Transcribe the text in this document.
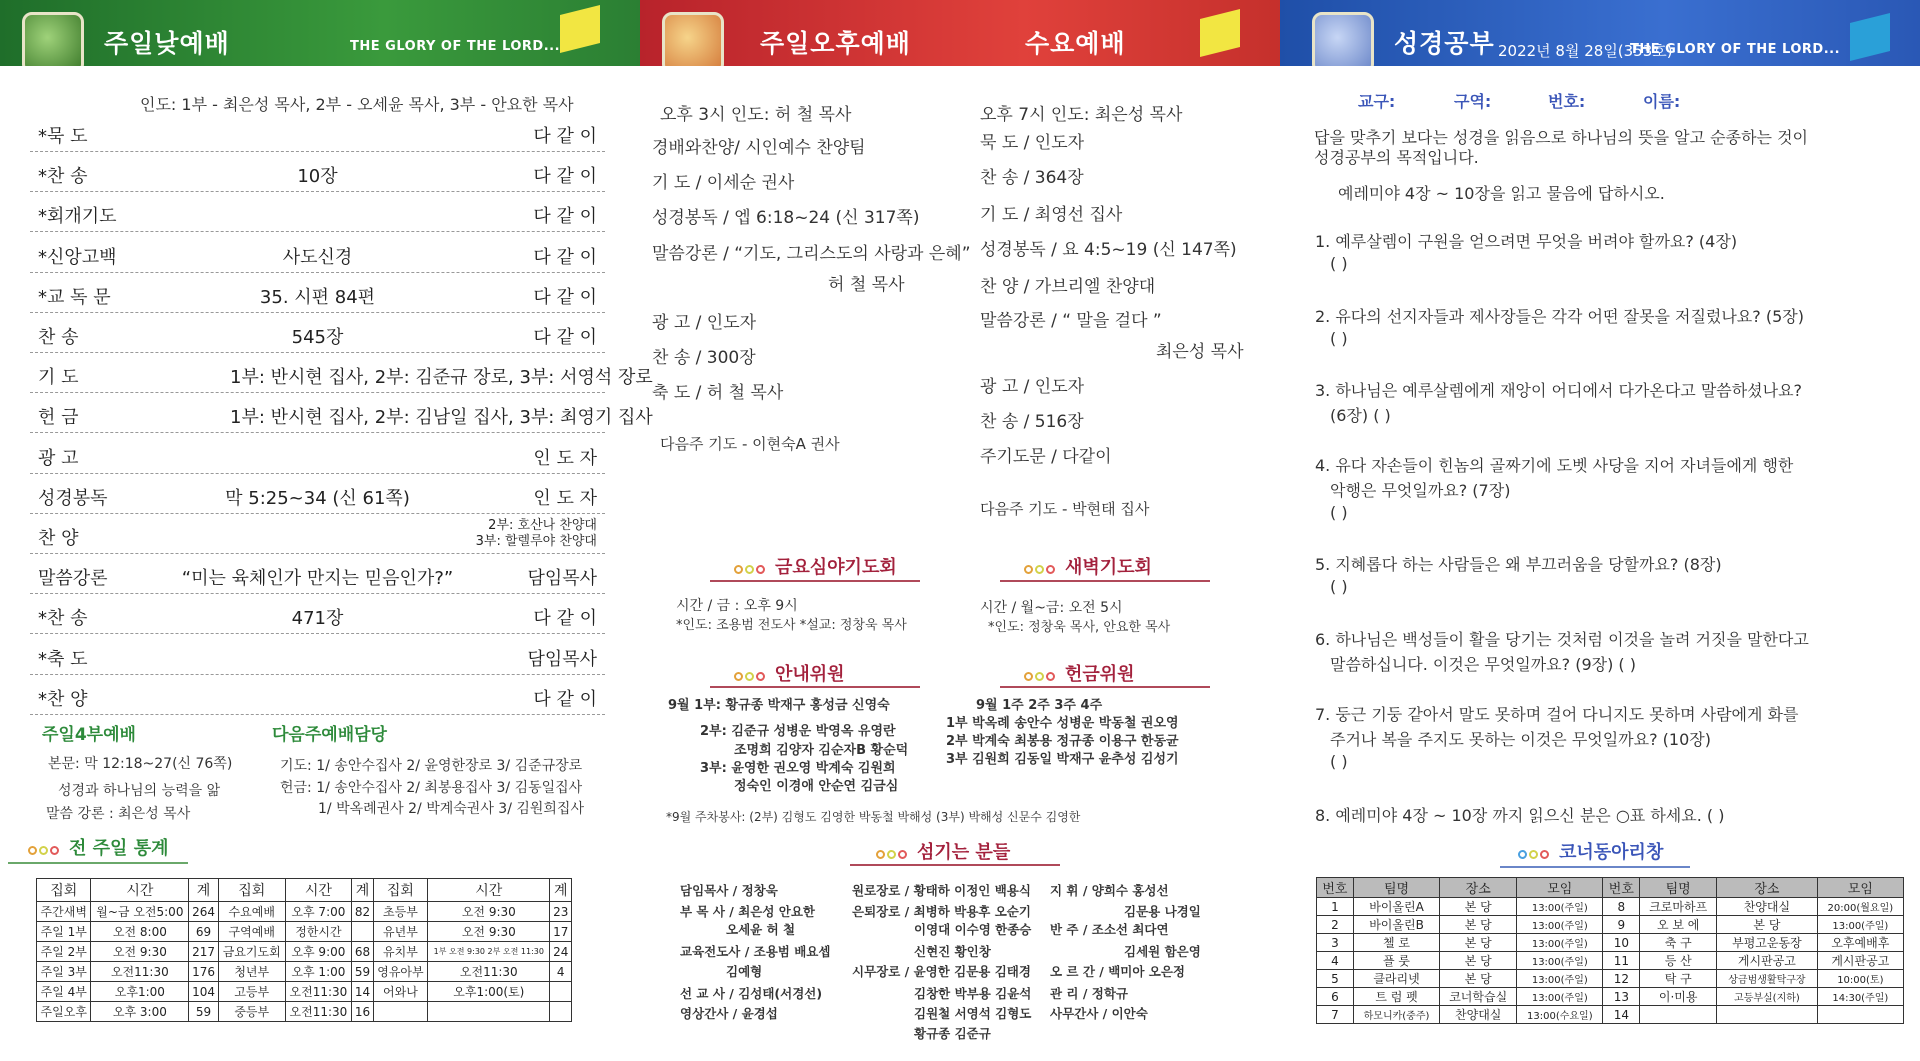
주일낮예배	THE GLORY OF THE LORD...	주일오후예배	수요예배	성경공부 2022년 8월 28일(353호)
THE GLORY OF THE LORD...
인도: 1부 - 최은성 목사, 2부 - 오세윤 목사, 3부 - 안요한 목사
*묵 도	다 같 이
*찬 송	10장	다 같 이
*회개기도	다 같 이
*신앙고백	사도신경	다 같 이
*교 독 문	35. 시편 84편	다 같 이
찬 송	545장	다 같 이
기 도	1부: 반시현 집사, 2부: 김준규 장로, 3부: 서영석 장로
헌 금	1부: 반시현 집사, 2부: 김남일 집사, 3부: 최영기 집사
광 고	인 도 자
성경봉독	막 5:25~34 (신 61쪽)	인 도 자
찬 양
2부: 호산나 찬양대
3부: 할렐루야 찬양대
말씀강론	“미는 육체인가 만지는 믿음인가?”	담임목사
*찬 송	471장	다 같 이
*축 도	담임목사
*찬 양	다 같 이
주일4부예배
본문: 막 12:18~27(신 76쪽)
성경과 하나님의 능력을 앎
말씀 강론 : 최은성 목사
다음주예배담당
기도: 1/ 송안수집사 2/ 윤영한장로 3/ 김준규장로
헌금: 1/ 송안수집사 2/ 최봉용집사 3/ 김동일집사
1/ 박옥례권사 2/ 박계숙권사 3/ 김원희집사
전 주일 통계
집회	시간	계	집회	시간	계	집회	시간	계
주간새벽	월~금 오전5:00	264	수요예배	오후 7:00	82	초등부	오전 9:30	23
주일 1부	오전 8:00	69	구역예배	정한시간		유년부	오전 9:30	17
주일 2부	오전 9:30	217	금요기도회	오후 9:00	68	유치부	1부 오전 9:30 2부 오전 11:30	24
주일 3부	오전11:30	176	청년부	오후 1:00	59	영유아부	오전11:30	4
주일 4부	오후1:00	104	고등부	오전11:30	14	어와나	오후1:00(토)	
주일오후	오후 3:00	59	중등부	오전11:30	16			
오후 3시 인도: 허 철 목사
경배와찬양/ 시인예수 찬양팀
기 도 / 이세순 권사
성경봉독 / 엡 6:18~24 (신 317쪽)
말씀강론 / “기도, 그리스도의 사랑과 은혜”
허 철 목사
광 고 / 인도자
찬 송 / 300장
축 도 / 허 철 목사
다음주 기도 - 이현숙A 권사
오후 7시 인도: 최은성 목사
묵 도 / 인도자
찬 송 / 364장
기 도 / 최영선 집사
성경봉독 / 요 4:5~19 (신 147쪽)
찬 양 / 가브리엘 찬양대
말씀강론 / “ 말을 걸다 ”
최은성 목사
광 고 / 인도자
찬 송 / 516장
주기도문 / 다같이
다음주 기도 - 박현태 집사
금요심야기도회
시간 / 금 : 오후 9시
*인도: 조용범 전도사 *설교: 정창욱 목사
새벽기도회
시간 / 월~금: 오전 5시
*인도: 정창욱 목사, 안요한 목사
안내위원
9월 1부: 황규종 박재구 홍성금 신영숙
2부: 김준규 성병운 박영옥 유영란
조명희 김양자 김순자B 황순덕
3부: 윤영한 권오영 박계숙 김원희
정숙인 이경애 안순연 김금심
헌금위원
9월 1주 2주 3주 4주
1부 박옥례 송안수 성병운 박동철 권오영
2부 박계숙 최봉용 정규종 이용구 한동균
3부 김원희 김동일 박재구 윤추성 김성기
*9월 주차봉사: (2부) 김형도 김영한 박동철 박해성 (3부) 박해성 신문수 김영한
섬기는 분들
담임목사 / 정창욱
부 목 사 / 최은성 안요한
오세윤 허 철
교육전도사 / 조용범 배요셉
김예형
선 교 사 / 김성태(서경선)
영상간사 / 윤경섭
원로장로 / 황태하 이정인 백용식
은퇴장로 / 최병하 박용후 오순기
이영대 이수영 한종승
신현진 황인창
시무장로 / 윤영한 김문용 김태경
김창한 박부용 김윤석
김원철 서영석 김형도
황규종 김준규
지 휘 / 양희수 홍성선
김문용 나경일
반 주 / 조소선 최다연
김세원 함은영
오 르 간 / 백미아 오은정
관 리 / 정학규
사무간사 / 이안숙
교구:	구역:	번호:	이름:
답을 맞추기 보다는 성경을 읽음으로 하나님의 뜻을 알고 순종하는 것이
성경공부의 목적입니다.
예레미야 4장 ~ 10장을 읽고 물음에 답하시오.
1. 예루살렘이 구원을 얻으려면 무엇을 버려야 할까요? (4장)
( )
2. 유다의 선지자들과 제사장들은 각각 어떤 잘못을 저질렀나요? (5장)
( )
3. 하나님은 예루살렘에게 재앙이 어디에서 다가온다고 말씀하셨나요?
(6장) ( )
4. 유다 자손들이 힌놈의 골짜기에 도벳 사당을 지어 자녀들에게 행한
악행은 무엇일까요? (7장)
( )
5. 지혜롭다 하는 사람들은 왜 부끄러움을 당할까요? (8장)
( )
6. 하나님은 백성들이 활을 당기는 것처럼 이것을 놀려 거짓을 말한다고
말씀하십니다. 이것은 무엇일까요? (9장) ( )
7. 둥근 기둥 같아서 말도 못하며 걸어 다니지도 못하며 사람에게 화를
주거나 복을 주지도 못하는 이것은 무엇일까요? (10장)
( )
8. 예레미야 4장 ~ 10장 까지 읽으신 분은 ○표 하세요. ( )
코너동아리창
번호	팀명	장소	모임	번호	팀명	장소	모임
1	바이올린A	본 당	13:00(주일)	8	크로마하프	찬양대실	20:00(월요일)
2	바이올린B	본 당	13:00(주일)	9	오 보 에	본 당	13:00(주일)
3	첼 로	본 당	13:00(주일)	10	축 구	부평고운동장	오후예배후
4	플 룻	본 당	13:00(주일)	11	등 산	게시판공고	게시판공고
5	클라리넷	본 당	13:00(주일)	12	탁 구	상금범생활탁구장	10:00(토)
6	트 럼 펫	코너학습실	13:00(주일)	13	이·미용	고등부실(지하)	14:30(주일)
7	하모니카(중주)	찬양대실	13:00(수요일)	14			
